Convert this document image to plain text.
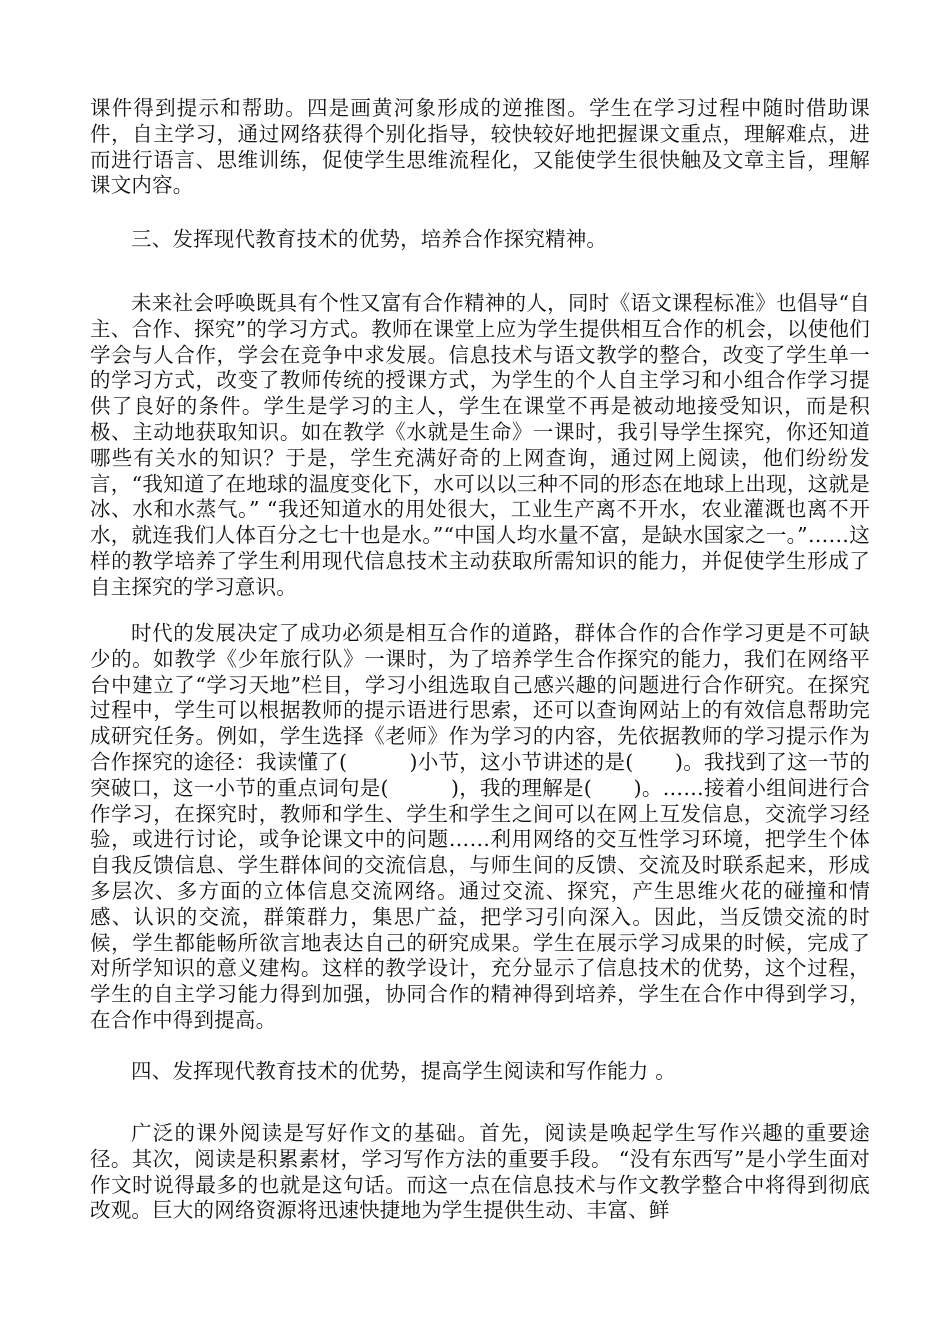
课件得到提示和帮助。四是画黄河象形成的逆推图。学生在学习过程中随时借助课件，自主学习，通过网络获得个别化指导，较快较好地把握课文重点，理解难点，进而进行语言、思维训练，促使学生思维流程化，又能使学生很快触及文章主旨，理解课文内容。

三、发挥现代教育技术的优势，培养合作探究精神。

未来社会呼唤既具有个性又富有合作精神的人，同时《语文课程标准》也倡导“自主、合作、探究”的学习方式。教师在课堂上应为学生提供相互合作的机会，以使他们学会与人合作，学会在竞争中求发展。信息技术与语文教学的整合，改变了学生单一的学习方式，改变了教师传统的授课方式，为学生的个人自主学习和小组合作学习提供了良好的条件。学生是学习的主人，学生在课堂不再是被动地接受知识，而是积极、主动地获取知识。如在教学《水就是生命》一课时，我引导学生探究，你还知道哪些有关水的知识？于是，学生充满好奇的上网查询，通过网上阅读，他们纷纷发言，“我知道了在地球的温度变化下，水可以以三种不同的形态在地球上出现，这就是冰、水和水蒸气。” “我还知道水的用处很大，工业生产离不开水，农业灌溉也离不开水，就连我们人体百分之七十也是水。”“中国人均水量不富，是缺水国家之一。”……这样的教学培养了学生利用现代信息技术主动获取所需知识的能力，并促使学生形成了自主探究的学习意识。

时代的发展决定了成功必须是相互合作的道路，群体合作的合作学习更是不可缺少的。如教学《少年旅行队》一课时，为了培养学生合作探究的能力，我们在网络平台中建立了“学习天地”栏目，学习小组选取自己感兴趣的问题进行合作研究。在探究过程中，学生可以根据教师的提示语进行思索，还可以查询网站上的有效信息帮助完成研究任务。例如，学生选择《老师》作为学习的内容，先依据教师的学习提示作为合作探究的途径：我读懂了(　　　)小节，这小节讲述的是(　　)。我找到了这一节的突破口，这一小节的重点词句是(　　　)，我的理解是(　　)。……接着小组间进行合作学习，在探究时，教师和学生、学生和学生之间可以在网上互发信息，交流学习经验，或进行讨论，或争论课文中的问题……利用网络的交互性学习环境，把学生个体自我反馈信息、学生群体间的交流信息，与师生间的反馈、交流及时联系起来，形成多层次、多方面的立体信息交流网络。通过交流、探究，产生思维火花的碰撞和情感、认识的交流，群策群力，集思广益，把学习引向深入。因此，当反馈交流的时候，学生都能畅所欲言地表达自己的研究成果。学生在展示学习成果的时候，完成了对所学知识的意义建构。这样的教学设计，充分显示了信息技术的优势，这个过程，学生的自主学习能力得到加强，协同合作的精神得到培养，学生在合作中得到学习，在合作中得到提高。

四、发挥现代教育技术的优势，提高学生阅读和写作能力 。

广泛的课外阅读是写好作文的基础。首先，阅读是唤起学生写作兴趣的重要途径。其次，阅读是积累素材，学习写作方法的重要手段。 “没有东西写”是小学生面对作文时说得最多的也就是这句话。而这一点在信息技术与作文教学整合中将得到彻底改观。巨大的网络资源将迅速快捷地为学生提供生动、丰富、鲜
